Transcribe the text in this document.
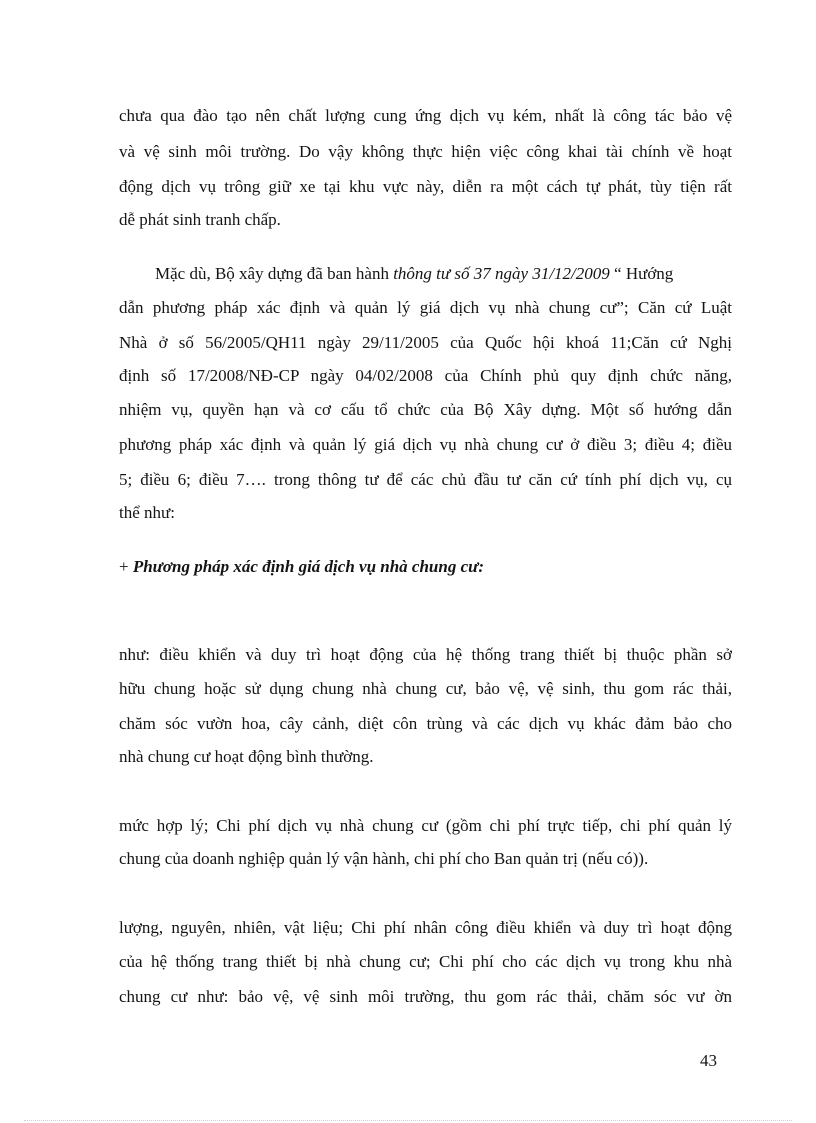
chưa qua đào tạo nên chất lượng cung ứng dịch vụ kém, nhất là công tác bảo vệ
và vệ sinh môi trường. Do vậy không thực hiện việc công khai tài chính về hoạt
động dịch vụ trông giữ xe tại khu vực này, diễn ra một cách tự phát, tùy tiện rất
dễ phát sinh tranh chấp.
Mặc dù, Bộ xây dựng đã ban hành thông tư số 37 ngày 31/12/2009 “ Hướng
dẫn phương pháp xác định và quản lý giá dịch vụ nhà chung cư”; Căn cứ Luật
Nhà ở số 56/2005/QH11 ngày 29/11/2005 của Quốc hội khoá 11;Căn cứ Nghị
định số 17/2008/NĐ-CP ngày 04/02/2008 của Chính phủ quy định chức năng,
nhiệm vụ, quyền hạn và cơ cấu tổ chức của Bộ Xây dựng. Một số hướng dẫn
phương pháp xác định và quản lý giá dịch vụ nhà chung cư ở điều 3; điều 4; điều
5; điều 6; điều 7…. trong thông tư để các chủ đầu tư căn cứ tính phí dịch vụ, cụ
thể như:
+ Phương pháp xác định giá dịch vụ nhà chung cư:
như: điều khiển và duy trì hoạt động của hệ thống trang thiết bị thuộc phần sở
hữu chung hoặc sử dụng chung nhà chung cư, bảo vệ, vệ sinh, thu gom rác thải,
chăm sóc vườn hoa, cây cảnh, diệt côn trùng và các dịch vụ khác đảm bảo cho
nhà chung cư hoạt động bình thường.
mức hợp lý; Chi phí dịch vụ nhà chung cư (gồm chi phí trực tiếp, chi phí quản lý
chung của doanh nghiệp quản lý vận hành, chi phí cho Ban quản trị (nếu có)).
lượng, nguyên, nhiên, vật liệu; Chi phí nhân công điều khiển và duy trì hoạt động
của hệ thống trang thiết bị nhà chung cư; Chi phí cho các dịch vụ trong khu nhà
chung cư như: bảo vệ, vệ sinh môi trường, thu gom rác thải, chăm sóc vư ờn
43
